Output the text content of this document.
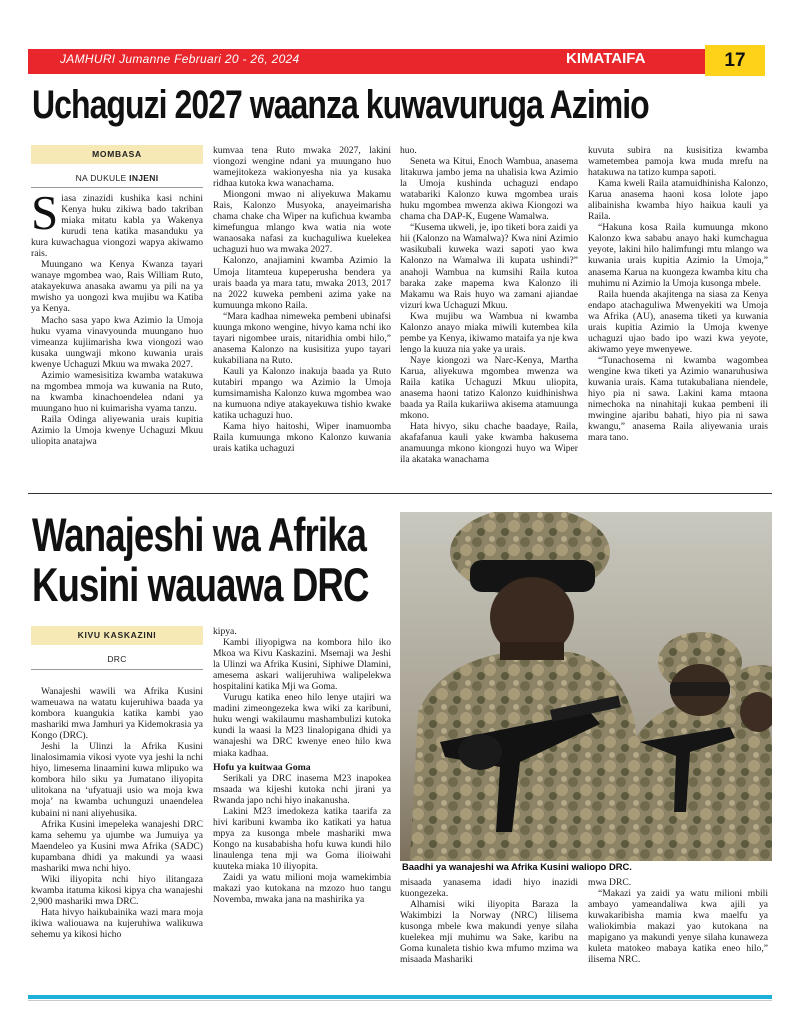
JAMHURI Jumanne Februari 20 - 26, 2024	KIMATAIFA	17
Uchaguzi 2027 waanza kuwavuruga Azimio
MOMBASA
NA DUKULE INJENI
S iasa zinazidi kushika kasi nchini Kenya huku zikiwa bado takriban miaka mitatu kabla ya Wakenya kurudi tena katika masanduku ya kura kuwachagua viongozi wapya akiwamo rais.

Muungano wa Kenya Kwanza tayari wanaye mgombea wao, Rais William Ruto, atakayekuwa anasaka awamu ya pili na ya mwisho ya uongozi kwa mujibu wa Katiba ya Kenya.

Macho sasa yapo kwa Azimio la Umoja huku vyama vinavyounda muungano huo vimeanza kujiimarisha kwa viongozi wao kusaka uungwaji mkono kuwania urais kwenye Uchaguzi Mkuu wa mwaka 2027.

Azimio wamesisitiza kwamba watakuwa na mgombea mmoja wa kuwania na Ruto, na kwamba kinachoendelea ndani ya muungano huo ni kuimarisha vyama tanzu.

Raila Odinga aliyewania urais kupitia Azimio la Umoja kwenye Uchaguzi Mkuu uliopita anatajwa

kumvaa tena Ruto mwaka 2027, lakini viongozi wengine ndani ya muungano huo wamejitokeza wakionyesha nia ya kusaka ridhaa kutoka kwa wanachama.

Miongoni mwao ni aliyekuwa Makamu Rais, Kalonzo Musyoka, anayeimarisha chama chake cha Wiper na kufichua kwamba kimefungua mlango kwa watia nia wote wanaosaka nafasi za kuchaguliwa kuelekea uchaguzi huo wa mwaka 2027.

Kalonzo, anajiamini kwamba Azimio la Umoja litamteua kupeperusha bendera ya urais baada ya mara tatu, mwaka 2013, 2017 na 2022 kuweka pembeni azima yake na kumuunga mkono Raila.

“Mara kadhaa nimeweka pembeni ubinafsi kuunga mkono wengine, hivyo kama nchi iko tayari nigombee urais, nitaridhia ombi hilo,” anasema Kalonzo na kusisitiza yupo tayari kukabiliana na Ruto.

Kauli ya Kalonzo inakuja baada ya Ruto kutabiri mpango wa Azimio la Umoja kumsimamisha Kalonzo kuwa mgombea wao na kumuona ndiye atakayekuwa tishio kwake katika uchaguzi huo.

Kama hiyo haitoshi, Wiper inamuomba Raila kumuunga mkono Kalonzo kuwania urais katika uchaguzi

huo.

Seneta wa Kitui, Enoch Wambua, anasema litakuwa jambo jema na uhalisia kwa Azimio la Umoja kushinda uchaguzi endapo watabariki Kalonzo kuwa mgombea urais huku mgombea mwenza akiwa Kiongozi wa chama cha DAP-K, Eugene Wamalwa.

“Kusema ukweli, je, ipo tiketi bora zaidi ya hii (Kalonzo na Wamalwa)? Kwa nini Azimio wasikubali kuweka wazi sapoti yao kwa Kalonzo na Wamalwa ili kupata ushindi?” anahoji Wambua na kumsihi Raila kutoa baraka zake mapema kwa Kalonzo ili Makamu wa Rais huyo wa zamani ajiandae vizuri kwa Uchaguzi Mkuu.

Kwa mujibu wa Wambua ni kwamba Kalonzo anayo miaka miwili kutembea kila pembe ya Kenya, ikiwamo mataifa ya nje kwa lengo la kuuza nia yake ya urais.

Naye kiongozi wa Narc-Kenya, Martha Karua, aliyekuwa mgombea mwenza wa Raila katika Uchaguzi Mkuu uliopita, anasema haoni tatizo Kalonzo kuidhinishwa baada ya Raila kukariiwa akisema atamuunga mkono.

Hata hivyo, siku chache baadaye, Raila, akafafanua kauli yake kwamba hakusema anamuunga mkono kiongozi huyo wa Wiper ila akataka wanachama

kuvuta subira na kusisitiza kwamba wametembea pamoja kwa muda mrefu na hatakuwa na tatizo kumpa sapoti.

Kama kweli Raila atamuidhinisha Kalonzo, Karua anasema haoni kosa lolote japo alibainisha kwamba hiyo haikua kauli ya Raila.

“Hakuna kosa Raila kumuunga mkono Kalonzo kwa sababu anayo haki kumchagua yeyote, lakini hilo halimfungi mtu mlango wa kuwania urais kupitia Azimio la Umoja,” anasema Karua na kuongeza kwamba kitu cha muhimu ni Azimio la Umoja kusonga mbele.

Raila huenda akajitenga na siasa za Kenya endapo atachaguliwa Mwenyekiti wa Umoja wa Afrika (AU), anasema tiketi ya kuwania urais kupitia Azimio la Umoja kwenye uchaguzi ujao bado ipo wazi kwa yeyote, akiwamo yeye mwenyewe.

“Tunachosema ni kwamba wagombea wengine kwa tiketi ya Azimio wanaruhusiwa kuwania urais. Kama tutakubaliana niendele, hiyo pia ni sawa. Lakini kama mtaona nimechoka na ninahitaji kukaa pembeni ili mwingine ajaribu bahati, hiyo pia ni sawa kwangu,” anasema Raila aliyewania urais mara tano.

Wanajeshi wa Afrika Kusini wauawa DRC
KIVU KASKAZINI
DRC

Wanajeshi wawili wa Afrika Kusini wameuawa na watatu kujeruhiwa baada ya kombora kuangukia katika kambi yao mashariki mwa Jamhuri ya Kidemokrasia ya Kongo (DRC).

Jeshi la Ulinzi la Afrika Kusini linalosimamia vikosi vyote vya jeshi la nchi hiyo, limesema linaamini kuwa mlipuko wa kombora hilo siku ya Jumatano iliyopita ulitokana na ‘ufyatuaji usio wa moja kwa moja’ na kwamba uchunguzi unaendelea kubaini ni nani aliyehusika.

Afrika Kusini imepeleka wanajeshi DRC kama sehemu ya ujumbe wa Jumuiya ya Maendeleo ya Kusini mwa Afrika (SADC) kupambana dhidi ya makundi ya waasi mashariki mwa nchi hiyo.

Wiki iliyopita nchi hiyo ilitangaza kwamba itatuma kikosi kipya cha wanajeshi 2,900 mashariki mwa DRC.

Hata hivyo haikubainika wazi mara moja ikiwa waliouawa na kujeruhiwa walikuwa sehemu ya kikosi hicho

kipya.

Kambi iliyopigwa na kombora hilo iko Mkoa wa Kivu Kaskazini. Msemaji wa Jeshi la Ulinzi wa Afrika Kusini, Siphiwe Dlamini, amesema askari walijeruhiwa walipelekwa hospitalini katika Mji wa Goma.

Vurugu katika eneo hilo lenye utajiri wa madini zimeongezeka kwa wiki za karibuni, huku wengi wakilaumu mashambulizi kutoka kundi la waasi la M23 linalopigana dhidi ya wanajeshi wa DRC kwenye eneo hilo kwa miaka kadhaa.

Hofu ya kuitwaa Goma

Serikali ya DRC inasema M23 inapokea msaada wa kijeshi kutoka nchi jirani ya Rwanda japo nchi hiyo inakanusha.

Lakini M23 imedokeza katika taarifa za hivi karibuni kwamba iko katikati ya hatua mpya za kusonga mbele mashariki mwa Kongo na kusababisha hofu kuwa kundi hilo linaulenga tena mji wa Goma ilioiwahi kuuteka miaka 10 iliyopita.

Zaidi ya watu milioni moja wamekimbia makazi yao kutokana na mzozo huo tangu Novemba, mwaka jana na mashirika ya

Baadhi ya wanajeshi wa Afrika Kusini waliopo DRC.

misaada yanasema idadi hiyo inazidi kuongezeka.

Alhamisi wiki iliyopita Baraza la Wakimbizi la Norway (NRC) lilisema kusonga mbele kwa makundi yenye silaha kuelekea mji muhimu wa Sake, karibu na Goma kunaleta tishio kwa mfumo mzima wa misaada Mashariki

mwa DRC.

“Makazi ya zaidi ya watu milioni mbili ambayo yameandaliwa kwa ajili ya kuwakaribisha mamia kwa maelfu ya waliokimbia makazi yao kutokana na mapigano ya makundi yenye silaha kunaweza kuleta matokeo mabaya katika eneo hilo,” ilisema NRC.
